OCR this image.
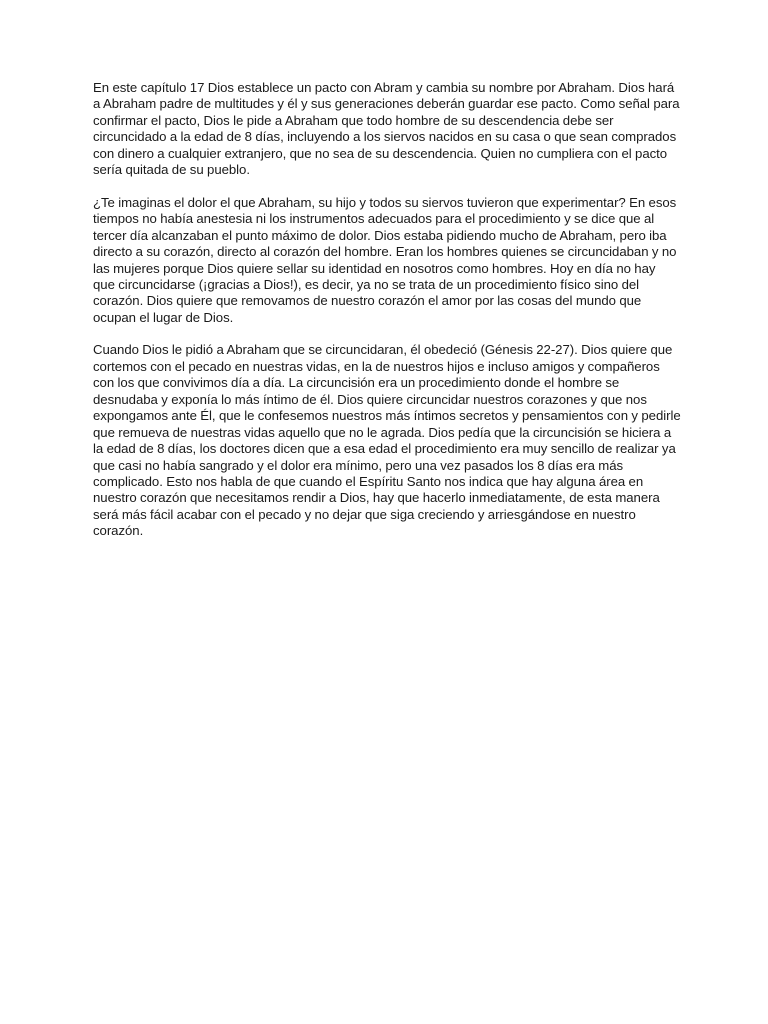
En este capítulo 17 Dios establece un pacto con Abram y cambia su nombre por Abraham. Dios hará
a Abraham padre de multitudes y él y sus generaciones deberán guardar ese pacto. Como señal para
confirmar el pacto, Dios le pide a Abraham que todo hombre de su descendencia debe ser
circuncidado a la edad de 8 días, incluyendo a los siervos nacidos en su casa o que sean comprados
con dinero a cualquier extranjero, que no sea de su descendencia. Quien no cumpliera con el pacto
sería quitada de su pueblo.

¿Te imaginas el dolor el que Abraham, su hijo y todos su siervos tuvieron que experimentar? En esos
tiempos no había anestesia ni los instrumentos adecuados para el procedimiento y se dice que al
tercer día alcanzaban el punto máximo de dolor. Dios estaba pidiendo mucho de Abraham, pero iba
directo a su corazón, directo al corazón del hombre. Eran los hombres quienes se circuncidaban y no
las mujeres porque Dios quiere sellar su identidad en nosotros como hombres. Hoy en día no hay
que circuncidarse (¡gracias a Dios!), es decir, ya no se trata de un procedimiento físico sino del
corazón. Dios quiere que removamos de nuestro corazón el amor por las cosas del mundo que
ocupan el lugar de Dios.

Cuando Dios le pidió a Abraham que se circuncidaran, él obedeció (Génesis 22-27). Dios quiere que
cortemos con el pecado en nuestras vidas, en la de nuestros hijos e incluso amigos y compañeros
con los que convivimos día a día. La circuncisión era un procedimiento donde el hombre se
desnudaba y exponía lo más íntimo de él. Dios quiere circuncidar nuestros corazones y que nos
expongamos ante Él, que le confesemos nuestros más íntimos secretos y pensamientos con y pedirle
que remueva de nuestras vidas aquello que no le agrada. Dios pedía que la circuncisión se hiciera a
la edad de 8 días, los doctores dicen que a esa edad el procedimiento era muy sencillo de realizar ya
que casi no había sangrado y el dolor era mínimo, pero una vez pasados los 8 días era más
complicado. Esto nos habla de que cuando el Espíritu Santo nos indica que hay alguna área en
nuestro corazón que necesitamos rendir a Dios, hay que hacerlo inmediatamente, de esta manera
será más fácil acabar con el pecado y no dejar que siga creciendo y arriesgándose en nuestro
corazón.
